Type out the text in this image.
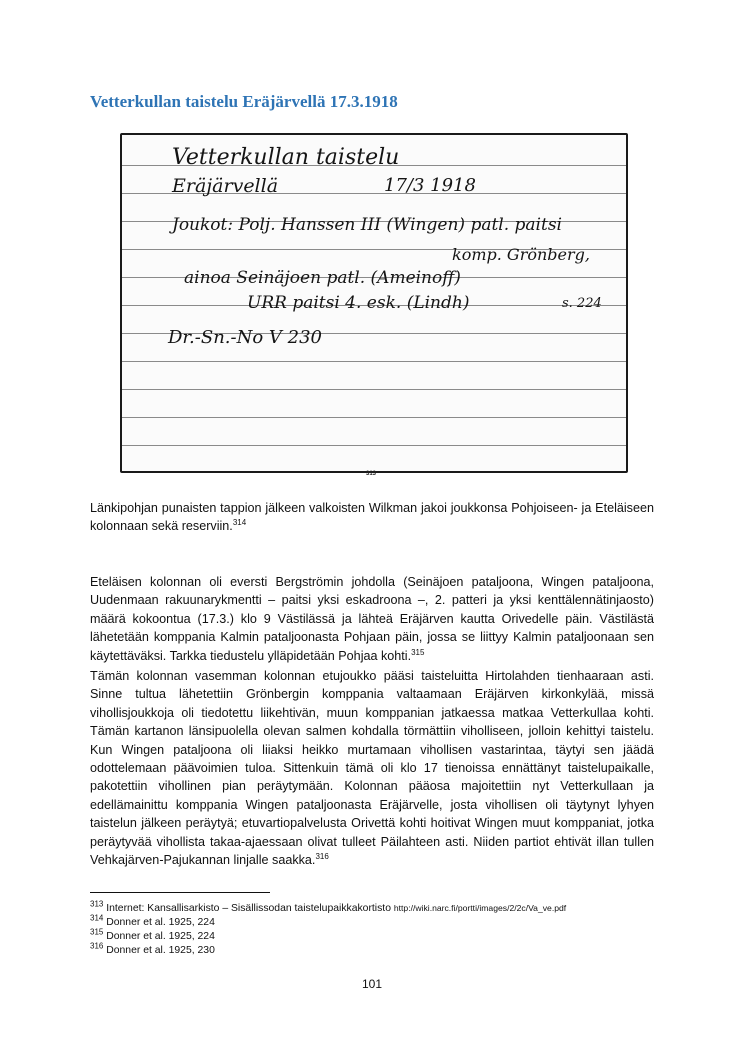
Vetterkullan taistelu Eräjärvellä 17.3.1918
Vetterkullan taistelu
Eräjärvellä	17/3 1918
Joukot: Polj. Hanssen III (Wingen) patl. paitsi
komp. Grönberg,
ainoa Seinäjoen patl. (Ameinoff)
URR paitsi 4. esk. (Lindh)	s. 224
Dr.-Sn.-No V 230
313

Länkipohjan punaisten tappion jälkeen valkoisten Wilkman jakoi joukkonsa Pohjoiseen- ja Eteläiseen kolonnaan sekä reserviin.$^{314}$

Eteläisen kolonnan oli eversti Bergströmin johdolla (Seinäjoen pataljoona, Wingen pataljoona, Uudenmaan rakuunarykmentti – paitsi yksi eskadroona –, 2. patteri ja yksi kenttälennätinjaosto) määrä kokoontua (17.3.) klo 9 Västilässä ja lähteä Eräjärven kautta Orivedelle päin. Västilästä lähetetään komppania Kalmin pataljoonasta Pohjaan päin, jossa se liittyy Kalmin pataljoonaan sen käytettäväksi. Tarkka tiedustelu ylläpidetään Pohjaa kohti.$^{315}$

Tämän kolonnan vasemman kolonnan etujoukko pääsi taisteluitta Hirtolahden tienhaaraan asti. Sinne tultua lähetettiin Grönbergin komppania valtaamaan Eräjärven kirkonkylää, missä vihollisjoukkoja oli tiedotettu liikehtivän, muun komppanian jatkaessa matkaa Vetterkullaa kohti. Tämän kartanon länsipuolella olevan salmen kohdalla törmättiin viholliseen, jolloin kehittyi taistelu. Kun Wingen pataljoona oli liiaksi heikko murtamaan vihollisen vastarintaa, täytyi sen jäädä odottelemaan päävoimien tuloa. Sittenkuin tämä oli klo 17 tienoissa ennättänyt taistelupaikalle, pakotettiin vihollinen pian peräytymään. Kolonnan pääosa majoitettiin nyt Vetterkullaan ja edellämainittu komppania Wingen pataljoonasta Eräjärvelle, josta vihollisen oli täytynyt lyhyen taistelun jälkeen peräytyä; etuvartiopalvelusta Orivettä kohti hoitivat Wingen muut komppaniat, jotka peräytyvää vihollista takaa-ajaessaan olivat tulleet Päilahteen asti. Niiden partiot ehtivät illan tullen Vehkajärven-Pajukannan linjalle saakka.$^{316}$

$^{313}$ Internet: Kansallisarkisto – Sisällissodan taistelupaikkakortisto http://wiki.narc.fi/portti/images/2/2c/Va_ve.pdf
$^{314}$ Donner et al. 1925, 224
$^{315}$ Donner et al. 1925, 224
$^{316}$ Donner et al. 1925, 230
101
